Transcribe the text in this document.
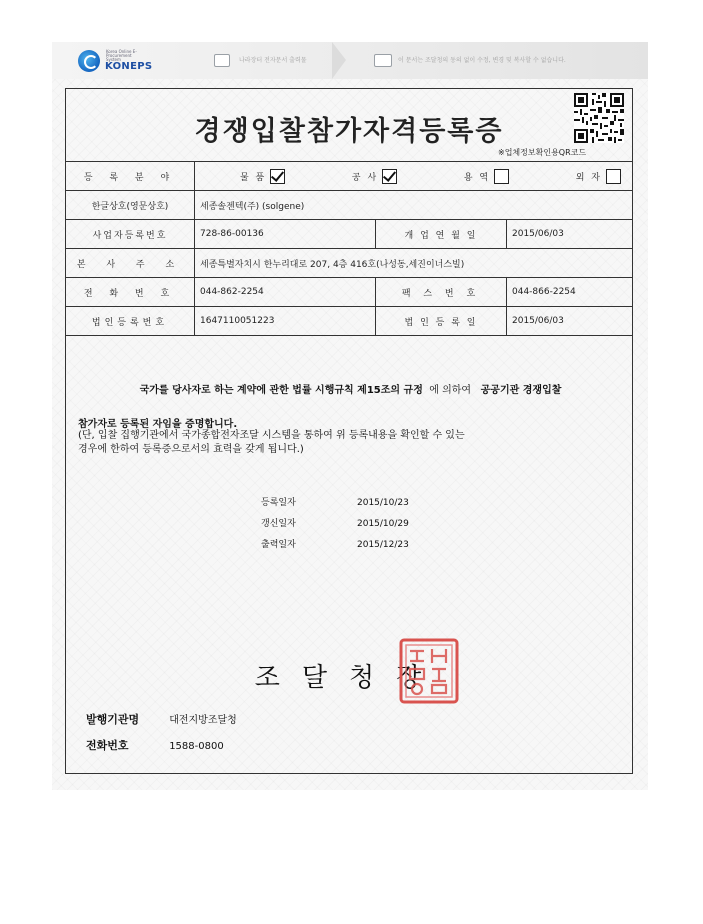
Korea Online E-Procurement System
KONEPS
나라장터 전자문서 출력물	이 문서는 조달청의 동의 없이 수정, 변경 및 복사할 수 없습니다.
경쟁입찰참가자격등록증
※업체정보확인용QR코드
등 록 분 야	물 품 공 사 용 역 외 자		

한글상호(영문상호)	세종솔젠텍(주) (solgene)		
사업자등록번호	728-86-00136	개 업 연 월 일	2015/06/03
본 사 주 소	세종특별자치시 한누리대로 207, 4층 416호(나성동,세진이너스빌)		
전 화 번 호	044-862-2254	팩 스 번 호	044-866-2254
법인등록번호	1647110051223	법 인 등 록 일	2015/06/03
국가를 당사자로 하는 계약에 관한 법률 시행규칙 제15조의 규정 에 의하여 공공기관 경쟁입찰
참가자로 등록된 자임을 증명합니다.
(단, 입찰 집행기관에서 국가종합전자조달 시스템을 통하여 위 등록내용을 확인할 수 있는
경우에 한하여 등록증으로서의 효력을 갖게 됩니다.)
등록일자	2015/10/23
갱신일자	2015/10/29
출력일자	2015/12/23
조달청장
발행기관명	대전지방조달청
전화번호	1588-0800
